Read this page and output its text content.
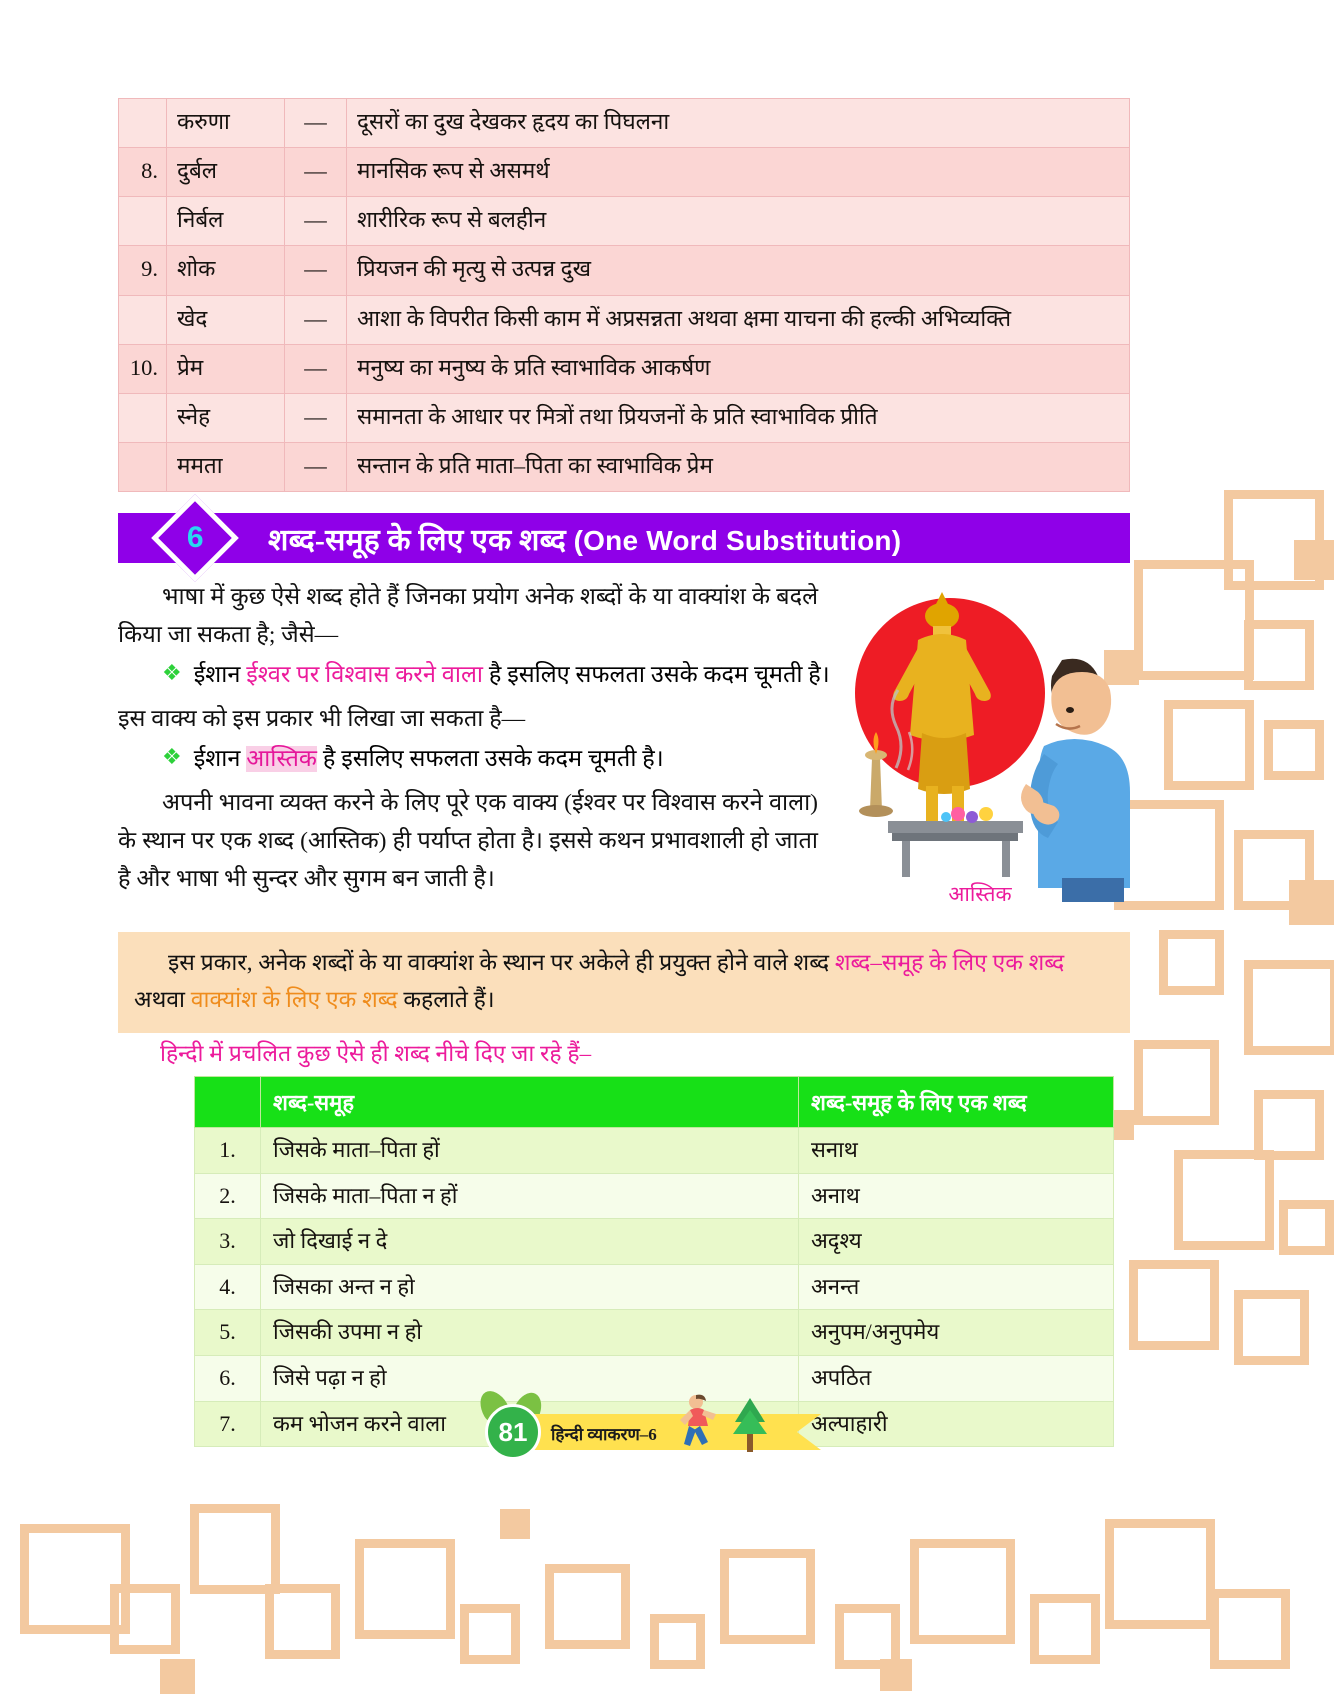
	करुणा	—	दूसरों का दुख देखकर हृदय का पिघलना
8.	दुर्बल	—	मानसिक रूप से असमर्थ
	निर्बल	—	शारीरिक रूप से बलहीन
9.	शोक	—	प्रियजन की मृत्यु से उत्पन्न दुख
	खेद	—	आशा के विपरीत किसी काम में अप्रसन्नता अथवा क्षमा याचना की हल्की अभिव्यक्ति
10.	प्रेम	—	मनुष्य का मनुष्य के प्रति स्वाभाविक आकर्षण
	स्नेह	—	समानता के आधार पर मित्रों तथा प्रियजनों के प्रति स्वाभाविक प्रीति
	ममता	—	सन्तान के प्रति माता–पिता का स्वाभाविक प्रेम
6 शब्द-समूह के लिए एक शब्द (One Word Substitution)
भाषा में कुछ ऐसे शब्द होते हैं जिनका प्रयोग अनेक शब्दों के या वाक्यांश के बदले किया जा सकता है; जैसे—
❖ ईशान ईश्वर पर विश्वास करने वाला है इसलिए सफलता उसके कदम चूमती है।
इस वाक्य को इस प्रकार भी लिखा जा सकता है—
❖ ईशान आस्तिक है इसलिए सफलता उसके कदम चूमती है।
अपनी भावना व्यक्त करने के लिए पूरे एक वाक्य (ईश्वर पर विश्वास करने वाला) के स्थान पर एक शब्द (आस्तिक) ही पर्याप्त होता है। इससे कथन प्रभावशाली हो जाता है और भाषा भी सुन्दर और सुगम बन जाती है।
आस्तिक

इस प्रकार, अनेक शब्दों के या वाक्यांश के स्थान पर अकेले ही प्रयुक्त होने वाले शब्द शब्द–समूह के लिए एक शब्द अथवा वाक्यांश के लिए एक शब्द कहलाते हैं।

हिन्दी में प्रचलित कुछ ऐसे ही शब्द नीचे दिए जा रहे हैं–
	शब्द-समूह	शब्द-समूह के लिए एक शब्द
1.	जिसके माता–पिता हों	सनाथ
2.	जिसके माता–पिता न हों	अनाथ
3.	जो दिखाई न दे	अदृश्य
4.	जिसका अन्त न हो	अनन्त
5.	जिसकी उपमा न हो	अनुपम/अनुपमेय
6.	जिसे पढ़ा न हो	अपठित
7.	कम भोजन करने वाला	अल्पाहारी
81	हिन्दी व्याकरण–6
